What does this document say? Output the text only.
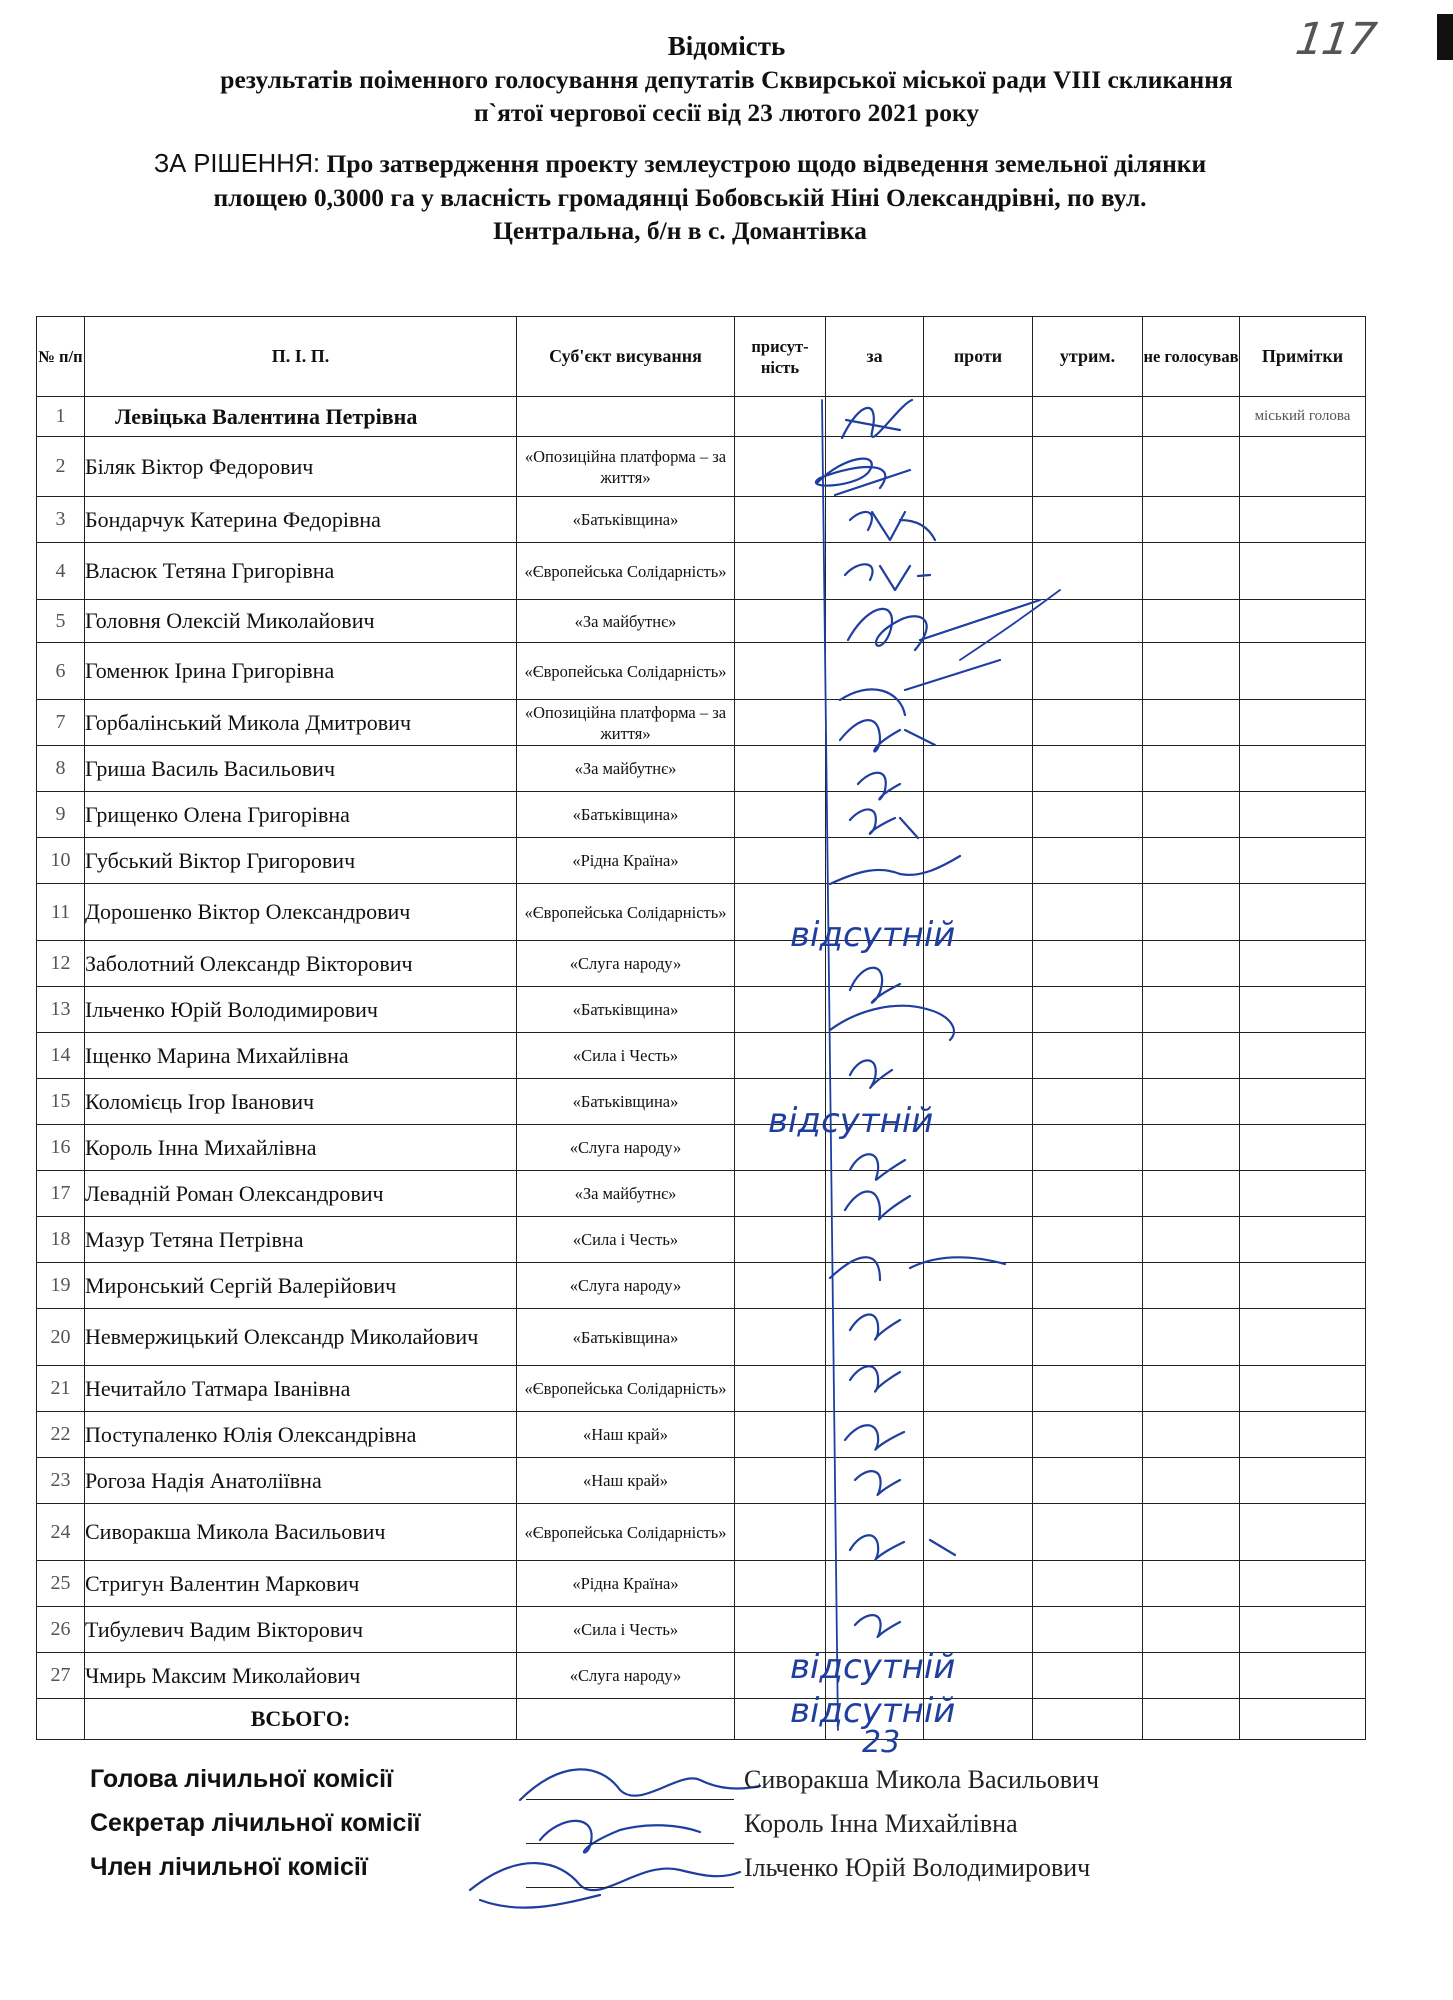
117
Відомість
результатів поіменного голосування депутатів Сквирської міської ради VIII скликання
п`ятої чергової сесії від 23 лютого 2021 року
ЗА РІШЕННЯ: Про затвердження проекту землеустрою щодо відведення земельної ділянки
площею 0,3000 га у власність громадянці Бобовській Ніні Олександрівні, по вул.
Центральна, б/н в с. Домантівка
№ п/п	П. І. П.	Суб'єкт висування	присут-ність	за	проти	утрим.	не голосував	Примітки
1	Левіцька Валентина Петрівна							міський голова
2	Біляк Віктор Федорович	«Опозиційна платформа – за життя»						
3	Бондарчук Катерина Федорівна	«Батьківщина»						
4	Власюк Тетяна Григорівна	«Європейська Солідарність»						
5	Головня Олексій Миколайович	«За майбутнє»						
6	Гоменюк Ірина Григорівна	«Європейська Солідарність»						
7	Горбалінський Микола Дмитрович	«Опозиційна платформа – за життя»						
8	Гриша Василь Васильович	«За майбутнє»						
9	Грищенко Олена Григорівна	«Батьківщина»						
10	Губський Віктор Григорович	«Рідна Країна»						
11	Дорошенко Віктор Олександрович	«Європейська Солідарність»						
12	Заболотний Олександр Вікторович	«Слуга народу»						
13	Ільченко Юрій Володимирович	«Батьківщина»						
14	Іщенко Марина Михайлівна	«Сила і Честь»						
15	Коломієць Ігор Іванович	«Батьківщина»						
16	Король Інна Михайлівна	«Слуга народу»						
17	Левадній Роман Олександрович	«За майбутнє»						
18	Мазур Тетяна Петрівна	«Сила і Честь»						
19	Миронський Сергій Валерійович	«Слуга народу»						
20	Невмержицький Олександр Миколайович	«Батьківщина»						
21	Нечитайло Татмара Іванівна	«Європейська Солідарність»						
22	Поступаленко Юлія Олександрівна	«Наш край»						
23	Рогоза Надія Анатоліївна	«Наш край»						
24	Сиворакша Микола Васильович	«Європейська Солідарність»						
25	Стригун Валентин Маркович	«Рідна Країна»						
26	Тибулевич Вадим Вікторович	«Сила і Честь»						
27	Чмирь Максим Миколайович	«Слуга народу»						
	ВСЬОГО:							
відсутній
відсутній
відсутній
відсутній
23
Голова лічильної комісії	Сиворакша Микола Васильович
Секретар лічильної комісії	Король Інна Михайлівна
Член лічильної комісії	Ільченко Юрій Володимирович
